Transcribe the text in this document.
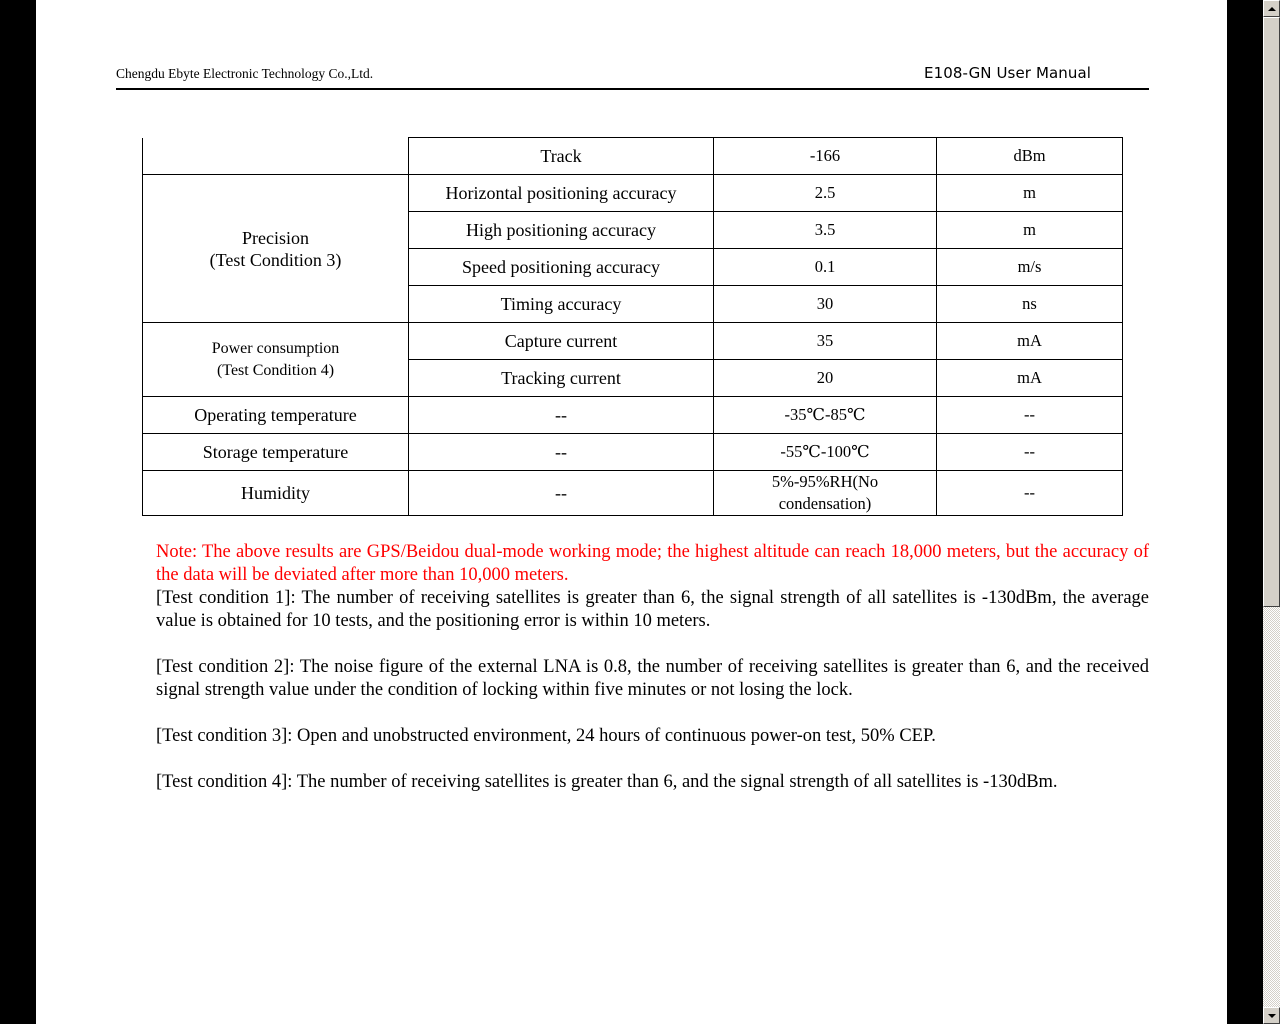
Chengdu Ebyte Electronic Technology Co.,Ltd.	E108-GN User Manual
	Track	-166	dBm

Precision
(Test Condition 3)	Horizontal positioning accuracy	2.5	m
	High positioning accuracy	3.5	m
	Speed positioning accuracy	0.1	m/s
	Timing accuracy	30	ns

Power consumption
(Test Condition 4)	Capture current	35	mA
	Tracking current	20	mA
Operating temperature	--	-35℃-85℃	--
Storage temperature	--	-55℃-100℃	--
Humidity	--	5%-95%RH(No
condensation)	--

Note: The above results are GPS/Beidou dual-mode working mode; the highest altitude can reach 18,000 meters, but the accuracy of the data will be deviated after more than 10,000 meters.

[Test condition 1]: The number of receiving satellites is greater than 6, the signal strength of all satellites is -130dBm, the average value is obtained for 10 tests, and the positioning error is within 10 meters.

[Test condition 2]: The noise figure of the external LNA is 0.8, the number of receiving satellites is greater than 6, and the received signal strength value under the condition of locking within five minutes or not losing the lock.

[Test condition 3]: Open and unobstructed environment, 24 hours of continuous power-on test, 50% CEP.

[Test condition 4]: The number of receiving satellites is greater than 6, and the signal strength of all satellites is -130dBm.
